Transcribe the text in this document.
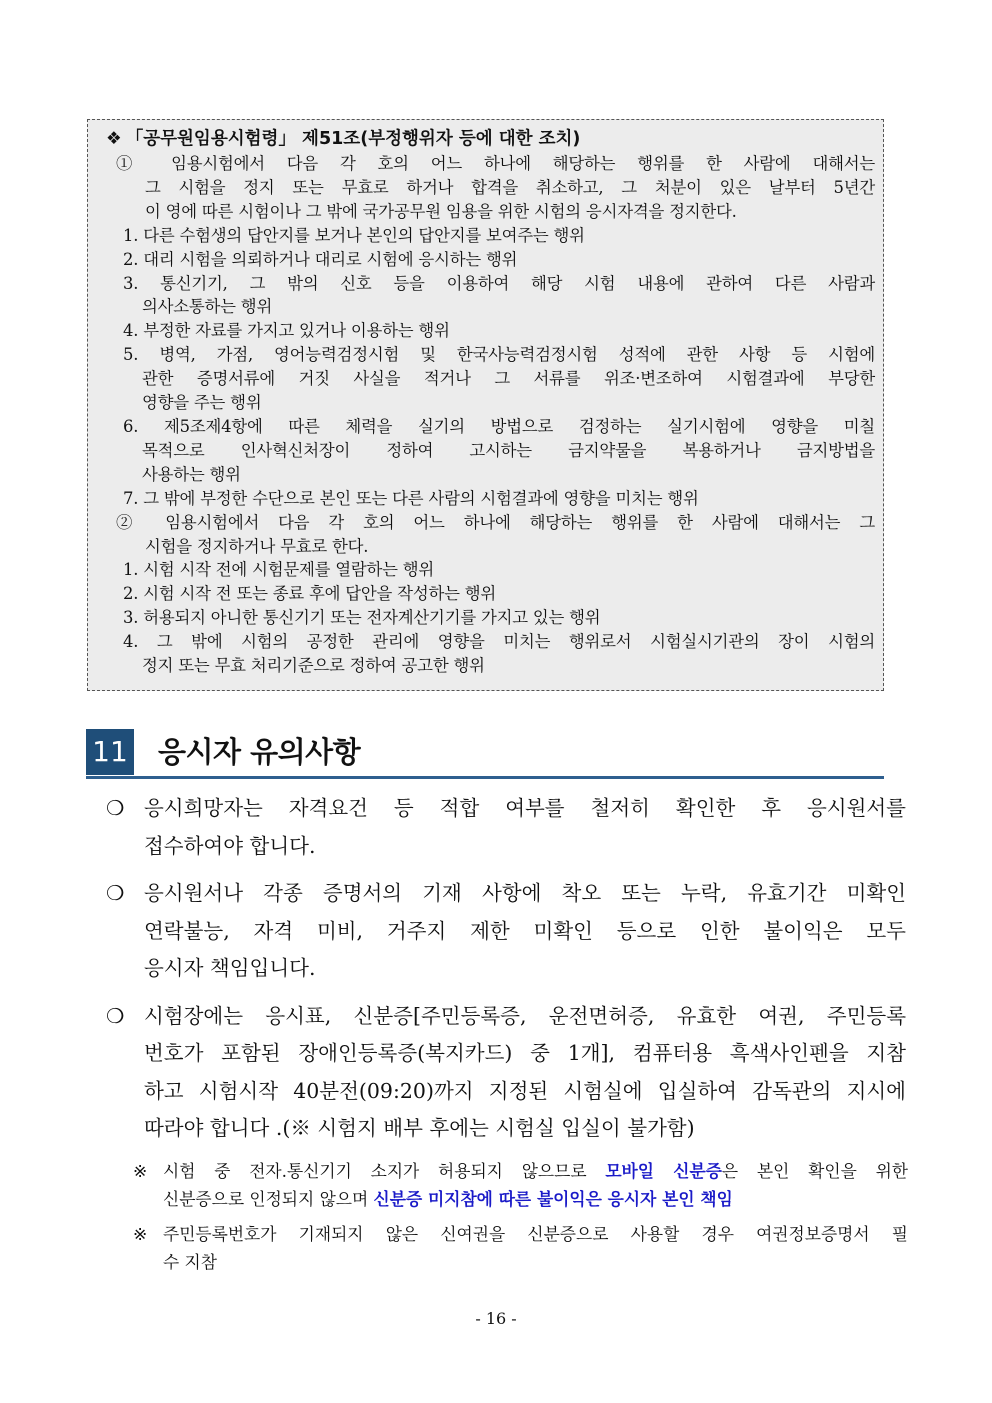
❖ 「공무원임용시험령」 제51조(부정행위자 등에 대한 조치)
① 임용시험에서 다음 각 호의 어느 하나에 해당하는 행위를 한 사람에 대해서는
그 시험을 정지 또는 무효로 하거나 합격을 취소하고, 그 처분이 있은 날부터 5년간
이 영에 따른 시험이나 그 밖에 국가공무원 임용을 위한 시험의 응시자격을 정지한다.
1. 다른 수험생의 답안지를 보거나 본인의 답안지를 보여주는 행위
2. 대리 시험을 의뢰하거나 대리로 시험에 응시하는 행위
3. 통신기기, 그 밖의 신호 등을 이용하여 해당 시험 내용에 관하여 다른 사람과
의사소통하는 행위
4. 부정한 자료를 가지고 있거나 이용하는 행위
5. 병역, 가점, 영어능력검정시험 및 한국사능력검정시험 성적에 관한 사항 등 시험에
관한 증명서류에 거짓 사실을 적거나 그 서류를 위조·변조하여 시험결과에 부당한
영향을 주는 행위
6. 제5조제4항에 따른 체력을 실기의 방법으로 검정하는 실기시험에 영향을 미칠
목적으로 인사혁신처장이 정하여 고시하는 금지약물을 복용하거나 금지방법을
사용하는 행위
7. 그 밖에 부정한 수단으로 본인 또는 다른 사람의 시험결과에 영향을 미치는 행위
② 임용시험에서 다음 각 호의 어느 하나에 해당하는 행위를 한 사람에 대해서는 그
시험을 정지하거나 무효로 한다.
1. 시험 시작 전에 시험문제를 열람하는 행위
2. 시험 시작 전 또는 종료 후에 답안을 작성하는 행위
3. 허용되지 아니한 통신기기 또는 전자계산기기를 가지고 있는 행위
4. 그 밖에 시험의 공정한 관리에 영향을 미치는 행위로서 시험실시기관의 장이 시험의
정지 또는 무효 처리기준으로 정하여 공고한 행위
11 응시자 유의사항
❍ 응시희망자는 자격요건 등 적합 여부를 철저히 확인한 후 응시원서를
접수하여야 합니다.
❍ 응시원서나 각종 증명서의 기재 사항에 착오 또는 누락, 유효기간 미확인
연락불능, 자격 미비, 거주지 제한 미확인 등으로 인한 불이익은 모두
응시자 책임입니다.
❍ 시험장에는 응시표, 신분증[주민등록증, 운전면허증, 유효한 여권, 주민등록
번호가 포함된 장애인등록증(복지카드) 중 1개], 컴퓨터용 흑색사인펜을 지참
하고 시험시작 40분전(09:20)까지 지정된 시험실에 입실하여 감독관의 지시에
따라야 합니다 .(※ 시험지 배부 후에는 시험실 입실이 불가함)
※ 시험 중 전자.통신기기 소지가 허용되지 않으므로 모바일 신분증은 본인 확인을 위한
신분증으로 인정되지 않으며 신분증 미지참에 따른 불이익은 응시자 본인 책임
※ 주민등록번호가 기재되지 않은 신여권을 신분증으로 사용할 경우 여권정보증명서 필
수 지참
- 16 -
